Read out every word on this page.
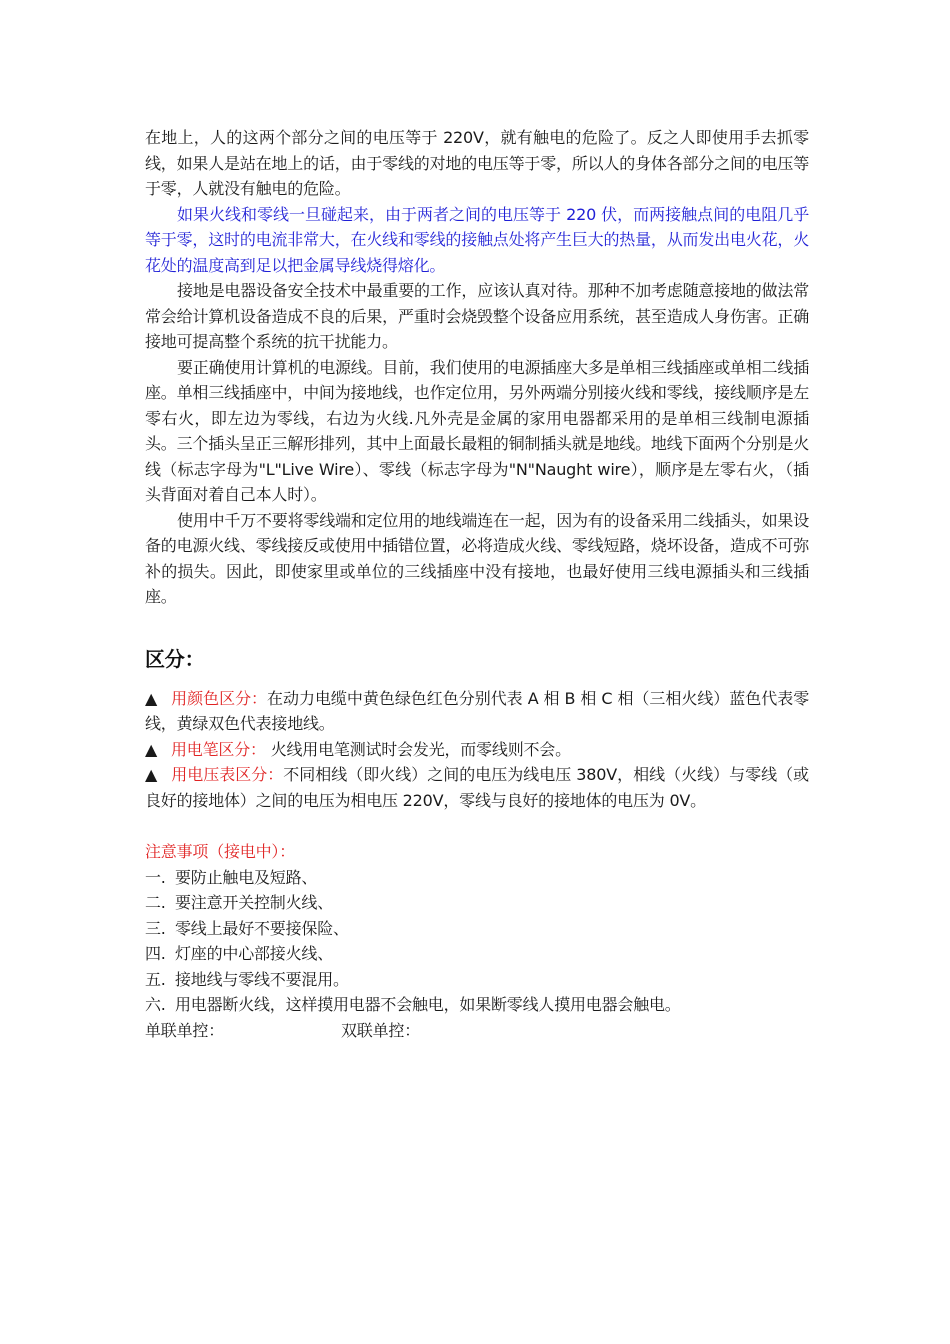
在地上，人的这两个部分之间的电压等于 220V，就有触电的危险了。反之人即使用手去抓零线，如果人是站在地上的话，由于零线的对地的电压等于零，所以人的身体各部分之间的电压等于零，人就没有触电的危险。

如果火线和零线一旦碰起来，由于两者之间的电压等于 220 伏，而两接触点间的电阻几乎等于零，这时的电流非常大，在火线和零线的接触点处将产生巨大的热量，从而发出电火花，火花处的温度高到足以把金属导线烧得熔化。

接地是电器设备安全技术中最重要的工作，应该认真对待。那种不加考虑随意接地的做法常常会给计算机设备造成不良的后果，严重时会烧毁整个设备应用系统，甚至造成人身伤害。正确接地可提高整个系统的抗干扰能力。

要正确使用计算机的电源线。目前，我们使用的电源插座大多是单相三线插座或单相二线插座。单相三线插座中，中间为接地线，也作定位用，另外两端分别接火线和零线，接线顺序是左零右火，即左边为零线，右边为火线.凡外壳是金属的家用电器都采用的是单相三线制电源插头。三个插头呈正三解形排列，其中上面最长最粗的铜制插头就是地线。地线下面两个分别是火线（标志字母为"L"Live Wire）、零线（标志字母为"N"Naught wire），顺序是左零右火，（插头背面对着自己本人时）。

使用中千万不要将零线端和定位用的地线端连在一起，因为有的设备采用二线插头，如果设备的电源火线、零线接反或使用中插错位置，必将造成火线、零线短路，烧坏设备，造成不可弥补的损失。因此，即使家里或单位的三线插座中没有接地，也最好使用三线电源插头和三线插座。

区分：

▲ 用颜色区分：在动力电缆中黄色绿色红色分别代表 A 相 B 相 C 相（三相火线）蓝色代表零线，黄绿双色代表接地线。

▲ 用电笔区分： 火线用电笔测试时会发光，而零线则不会。

▲ 用电压表区分：不同相线（即火线）之间的电压为线电压 380V，相线（火线）与零线（或良好的接地体）之间的电压为相电压 220V，零线与良好的接地体的电压为 0V。

注意事项（接电中）：

一. 要防止触电及短路、

二. 要注意开关控制火线、

三. 零线上最好不要接保险、

四. 灯座的中心部接火线、

五. 接地线与零线不要混用。

六. 用电器断火线，这样摸用电器不会触电，如果断零线人摸用电器会触电。

单联单控：	双联单控：
